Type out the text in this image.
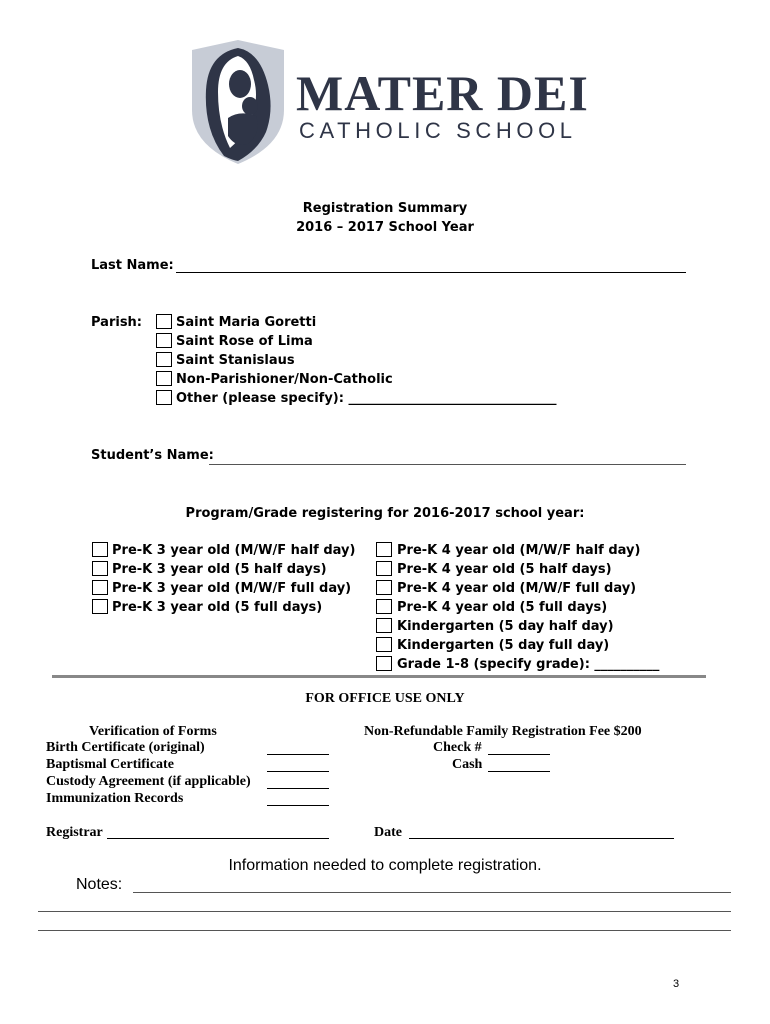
MATER DEI
CATHOLIC SCHOOL
Registration Summary
2016 – 2017 School Year
Last Name:
Parish:	Saint Maria Goretti
Saint Rose of Lima
Saint Stanislaus
Non-Parishioner/Non-Catholic
Other (please specify): ________________________________
Student’s Name:
Program/Grade registering for 2016-2017 school year:
Pre-K 3 year old (M/W/F half day)
Pre-K 3 year old (5 half days)
Pre-K 3 year old (M/W/F full day)
Pre-K 3 year old (5 full days)
Pre-K 4 year old (M/W/F half day)
Pre-K 4 year old (5 half days)
Pre-K 4 year old (M/W/F full day)
Pre-K 4 year old (5 full days)
Kindergarten (5 day half day)
Kindergarten (5 day full day)
Grade 1-8 (specify grade): __________
FOR OFFICE USE ONLY
Verification of Forms
Birth Certificate (original)
Baptismal Certificate
Custody Agreement (if applicable)
Immunization Records
Non-Refundable Family Registration Fee $200
Check #
Cash
Registrar	Date
Information needed to complete registration.
Notes:
3
